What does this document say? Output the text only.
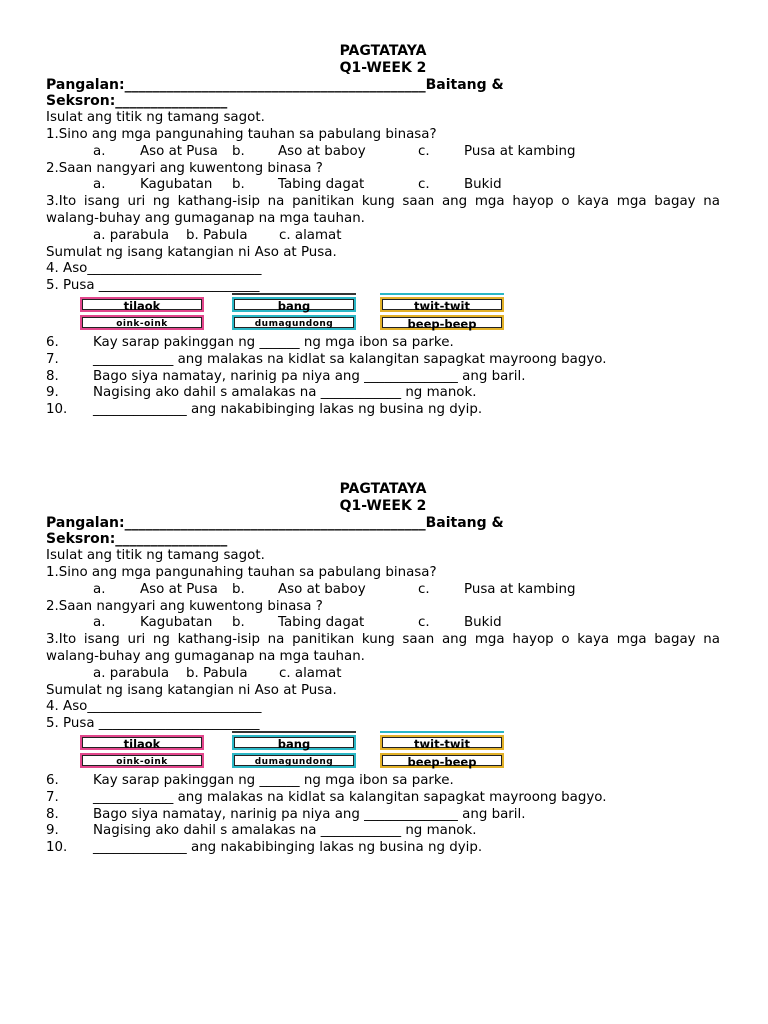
PAGTATAYA
Q1-WEEK 2
Pangalan:___________________________________________Baitang &
Seksron:________________
Isulat ang titik ng tamang sagot.
1.Sino ang mga pangunahing tauhan sa pabulang binasa?

a.

	Aso at Pusa

b.

Aso at baboy

	c.

	Pusa at kambing

2.Saan nangyari ang kuwentong binasa ?

a.

	Kagubatan

b.

Tabing dagat

	c.

	Bukid

3.Ito isang uri ng kathang-isip na panitikan kung saan ang mga hayop o kaya mga bagay na
walang-buhay ang gumaganap na mga tauhan.

a. parabula

b. Pabula

c. alamat

Sumulat ng isang katangian ni Aso at Pusa.
4. Aso__________________________
5. Pusa ________________________
tilaok
oink-oink
bang
dumagundong
twit-twit
beep-beep
6.	Kay sarap pakinggan ng ______ ng mga ibon sa parke.
7.	____________ ang malakas na kidlat sa kalangitan sapagkat mayroong bagyo.
8.	Bago siya namatay, narinig pa niya ang ______________ ang baril.
9.	Nagising ako dahil s amalakas na ____________ ng manok.
10. ______________ ang nakabibinging lakas ng busina ng dyip.
PAGTATAYA
Q1-WEEK 2
Pangalan:___________________________________________Baitang &
Seksron:________________
Isulat ang titik ng tamang sagot.
1.Sino ang mga pangunahing tauhan sa pabulang binasa?

a.

	Aso at Pusa

b.

Aso at baboy

	c.

	Pusa at kambing

2.Saan nangyari ang kuwentong binasa ?

a.

	Kagubatan

b.

Tabing dagat

	c.

	Bukid

3.Ito isang uri ng kathang-isip na panitikan kung saan ang mga hayop o kaya mga bagay na
walang-buhay ang gumaganap na mga tauhan.

a. parabula

b. Pabula

c. alamat

Sumulat ng isang katangian ni Aso at Pusa.
4. Aso__________________________
5. Pusa ________________________
tilaok
oink-oink
bang
dumagundong
twit-twit
beep-beep
6.	Kay sarap pakinggan ng ______ ng mga ibon sa parke.
7.	____________ ang malakas na kidlat sa kalangitan sapagkat mayroong bagyo.
8.	Bago siya namatay, narinig pa niya ang ______________ ang baril.
9.	Nagising ako dahil s amalakas na ____________ ng manok.
10. ______________ ang nakabibinging lakas ng busina ng dyip.
